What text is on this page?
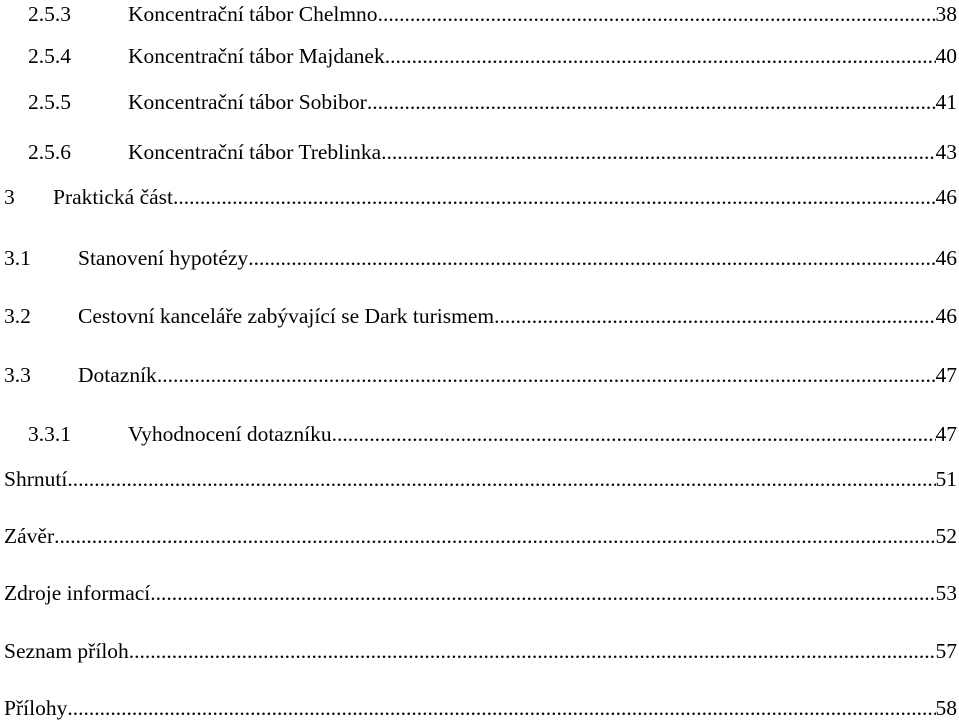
2.5.3	Koncentrační tábor Chelmno .....	38
2.5.4	Koncentrační tábor Majdanek .....	40
2.5.5	Koncentrační tábor Sobibor .....	41
2.5.6	Koncentrační tábor Treblinka .....	43
3 Praktická část .....	46
3.1 Stanovení hypotézy .....	46
3.2 Cestovní kanceláře zabývající se Dark turismem .....	46
3.3 Dotazník .....	47
3.3.1	Vyhodnocení dotazníku .....	47
Shrnutí .....	51
Závěr .....	52
Zdroje informací .....	53
Seznam příloh .....	57
Přílohy .....	58
